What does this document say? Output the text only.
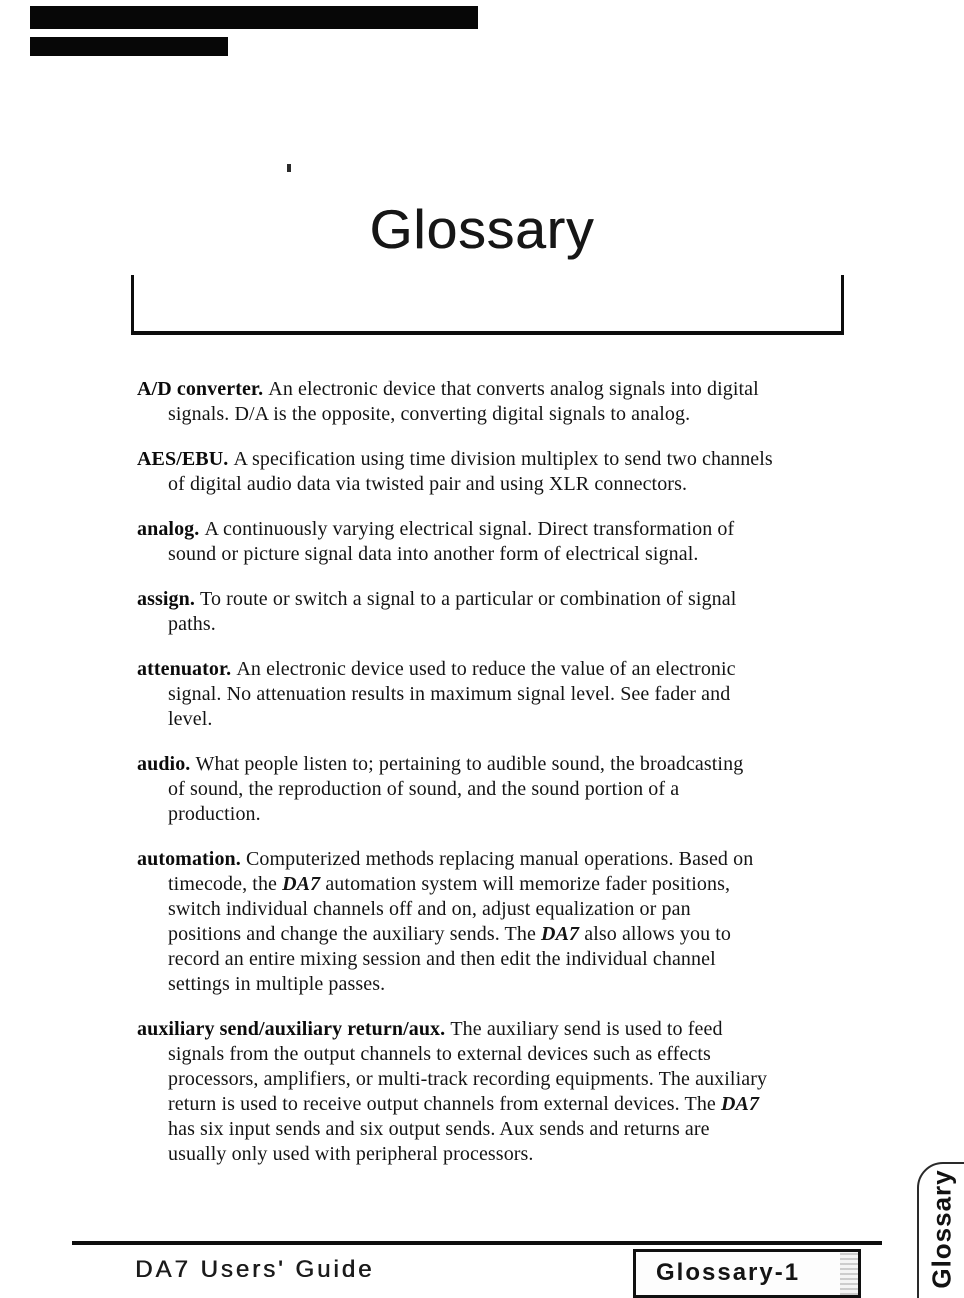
Glossary

A/D converter. An electronic device that converts analog signals into digital
signals. D/A is the opposite, converting digital signals to analog.

AES/EBU. A specification using time division multiplex to send two channels
of digital audio data via twisted pair and using XLR connectors.

analog. A continuously varying electrical signal. Direct transformation of
sound or picture signal data into another form of electrical signal.

assign. To route or switch a signal to a particular or combination of signal
paths.

attenuator. An electronic device used to reduce the value of an electronic
signal. No attenuation results in maximum signal level. See fader and
level.

audio. What people listen to; pertaining to audible sound, the broadcasting
of sound, the reproduction of sound, and the sound portion of a
production.

automation. Computerized methods replacing manual operations. Based on
timecode, the DA7 automation system will memorize fader positions,
switch individual channels off and on, adjust equalization or pan
positions and change the auxiliary sends. The DA7 also allows you to
record an entire mixing session and then edit the individual channel
settings in multiple passes.

auxiliary send/auxiliary return/aux. The auxiliary send is used to feed
signals from the output channels to external devices such as effects
processors, amplifiers, or multi-track recording equipments. The auxiliary
return is used to receive output channels from external devices. The DA7
has six input sends and six output sends. Aux sends and returns are
usually only used with peripheral processors.

DA7 Users' Guide	Glossary-1	Glossary
